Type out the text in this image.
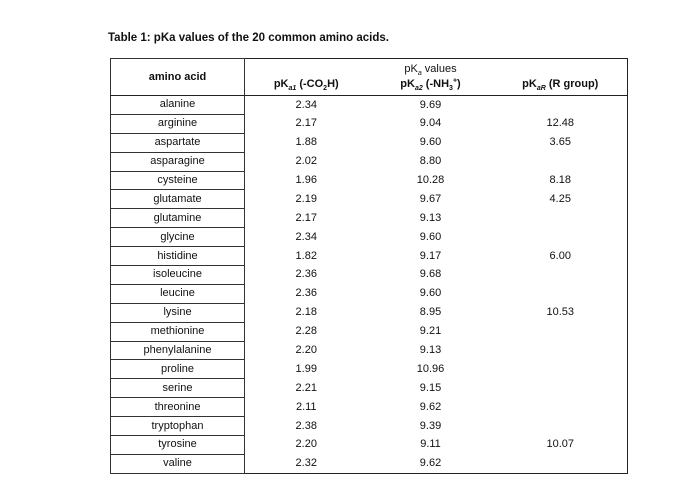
Table 1: pKa values of the 20 common amino acids.
amino acid		$pK_a$ values	
	$pK_{a1}$ $(-CO_2H)$	$pK_{a2}$ $(-NH_3^+)$	$pK_{aR}$ (R group)
alanine	2.34	9.69	
arginine	2.17	9.04	12.48
aspartate	1.88	9.60	3.65
asparagine	2.02	8.80	
cysteine	1.96	10.28	8.18
glutamate	2.19	9.67	4.25
glutamine	2.17	9.13	
glycine	2.34	9.60	
histidine	1.82	9.17	6.00
isoleucine	2.36	9.68	
leucine	2.36	9.60	
lysine	2.18	8.95	10.53
methionine	2.28	9.21	
phenylalanine	2.20	9.13	
proline	1.99	10.96	
serine	2.21	9.15	
threonine	2.11	9.62	
tryptophan	2.38	9.39	
tyrosine	2.20	9.11	10.07
valine	2.32	9.62	
